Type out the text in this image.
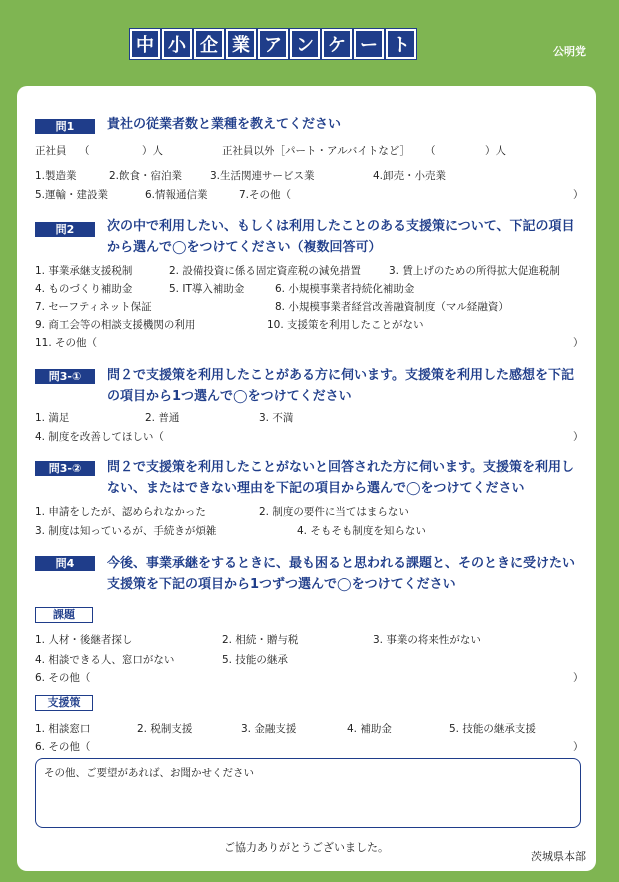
中 小 企 業 ア ン ケ ー ト	公明党
問1	貴社の従業者数と業種を教えてください
正社員 （	）人	正社員以外［パート・アルバイトなど］ （	）人
1.製造業	2.飲食・宿泊業	3.生活関連サービス業	4.卸売・小売業
5.運輸・建設業	6.情報通信業	7.その他（	）
問2	次の中で利用したい、もしくは利用したことのある支援策について、下記の項目から選んで◯をつけてください（複数回答可）
1. 事業承継支援税制	2. 設備投資に係る固定資産税の減免措置	3. 賃上げのための所得拡大促進税制
4. ものづくり補助金	5. IT導入補助金	6. 小規模事業者持続化補助金
7. セーフティネット保証	8. 小規模事業者経営改善融資制度（マル経融資）
9. 商工会等の相談支援機関の利用	10. 支援策を利用したことがない
11. その他（	）
問3-①	問２で支援策を利用したことがある方に伺います。支援策を利用した感想を下記の項目から1つ選んで◯をつけてください
1. 満足	2. 普通	3. 不満
4. 制度を改善してほしい（	）
問3-②	問２で支援策を利用したことがないと回答された方に伺います。支援策を利用しない、またはできない理由を下記の項目から選んで◯をつけてください
1. 申請をしたが、認められなかった	2. 制度の要件に当てはまらない
3. 制度は知っているが、手続きが煩雑	4. そもそも制度を知らない
問4	今後、事業承継をするときに、最も困ると思われる課題と、そのときに受けたい支援策を下記の項目から1つずつ選んで◯をつけてください
課題
1. 人材・後継者探し	2. 相続・贈与税	3. 事業の将来性がない
4. 相談できる人、窓口がない	5. 技能の継承
6. その他（	）
支援策
1. 相談窓口	2. 税制支援	3. 金融支援	4. 補助金	5. 技能の継承支援
6. その他（	）
その他、ご要望があれば、お聞かせください
ご協力ありがとうございました。
茨城県本部
